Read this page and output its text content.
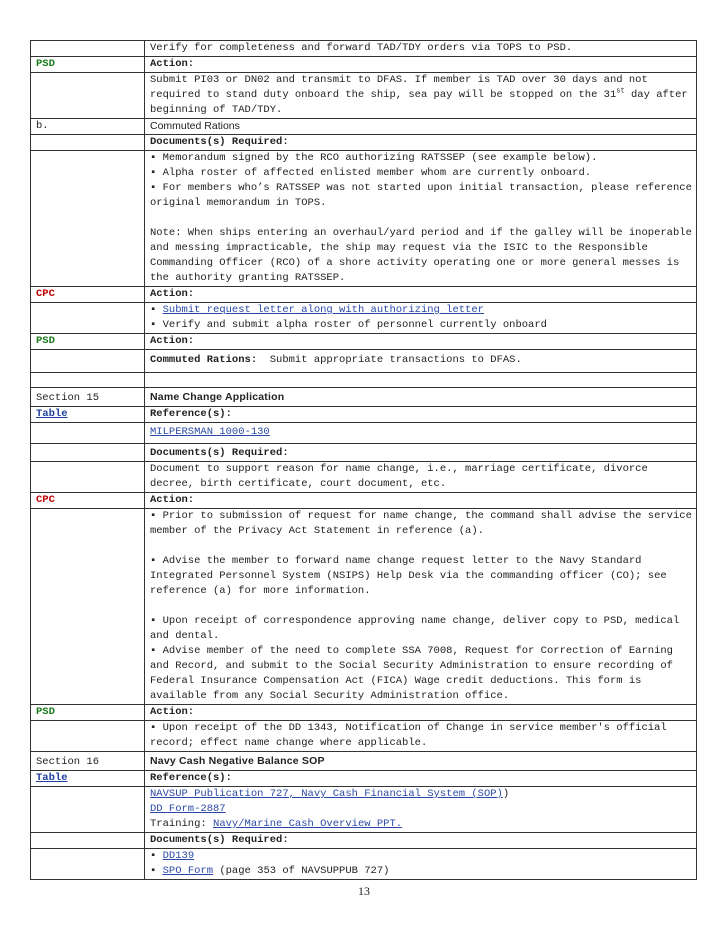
	Verify for completeness and forward TAD/TDY orders via TOPS to PSD.
PSD	Action:
	Submit PI03 or DN02 and transmit to DFAS. If member is TAD over 30 days and not required to stand duty onboard the ship, sea pay will be stopped on the 31st day after beginning of TAD/TDY.
b.	Commuted Rations
	Documents(s) Required:

	▪ Memorandum signed by the RCO authorizing RATSSEP (see example below).
▪ Alpha roster of affected enlisted member whom are currently onboard.
▪ For members who’s RATSSEP was not started upon initial transaction, please reference original memorandum in TOPS.
Note: When ships entering an overhaul/yard period and if the galley will be inoperable and messing impracticable, the ship may request via the ISIC to the Responsible Commanding Officer (RCO) of a shore activity operating one or more general messes is the authority granting RATSSEP.

CPC	Action:

	▪ Submit request letter along with authorizing letter
▪ Verify and submit alpha roster of personnel currently onboard

PSD	Action:
	Commuted Rations:  Submit appropriate transactions to DFAS.

Section 15	Name Change Application
Table	Reference(s):
	MILPERSMAN 1000-130
	Documents(s) Required:
	Document to support reason for name change, i.e., marriage certificate, divorce decree, birth certificate, court document, etc.
CPC	Action:

	▪ Prior to submission of request for name change, the command shall advise the service member of the Privacy Act Statement in reference (a).
▪ Advise the member to forward name change request letter to the Navy Standard Integrated Personnel System (NSIPS) Help Desk via the commanding officer (CO); see reference (a) for more information.
▪ Upon receipt of correspondence approving name change, deliver copy to PSD, medical and dental.
▪ Advise member of the need to complete SSA 7008, Request for Correction of Earning and Record, and submit to the Social Security Administration to ensure recording of Federal Insurance Compensation Act (FICA) Wage credit deductions. This form is available from any Social Security Administration office.

PSD	Action:
	▪ Upon receipt of the DD 1343, Notification of Change in service member's official record; effect name change where applicable.
Section 16	Navy Cash Negative Balance SOP
Table	Reference(s):

	NAVSUP Publication 727, Navy Cash Financial System (SOP))
DD Form-2887
Training: Navy/Marine Cash Overview PPT.

	Documents(s) Required:

	▪ DD139
▪ SPO Form (page 353 of NAVSUPPUB 727)
13
